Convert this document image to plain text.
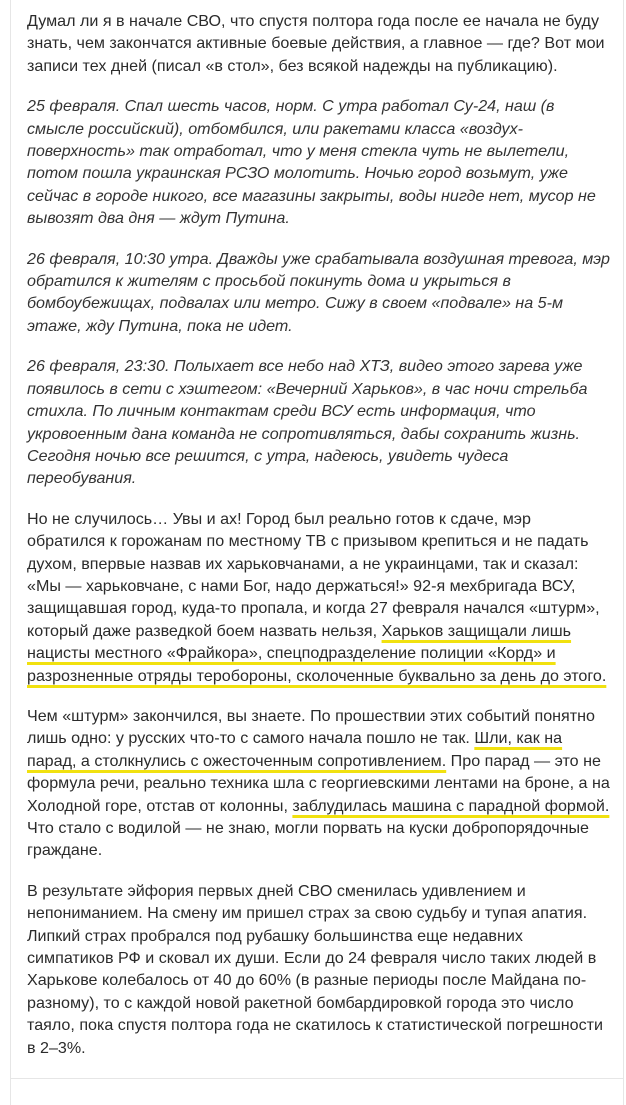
Думал ли я в начале СВО, что спустя полтора года после ее начала не буду знать, чем закончатся активные боевые действия, а главное — где? Вот мои записи тех дней (писал «в стол», без всякой надежды на публикацию).

25 февраля. Спал шесть часов, норм. С утра работал Су-24, наш (в смысле российский), отбомбился, или ракетами класса «воздух-поверхность» так отработал, что у меня стекла чуть не вылетели, потом пошла украинская РСЗО молотить. Ночью город возьмут, уже сейчас в городе никого, все магазины закрыты, воды нигде нет, мусор не вывозят два дня — ждут Путина.

26 февраля, 10:30 утра. Дважды уже срабатывала воздушная тревога, мэр обратился к жителям с просьбой покинуть дома и укрыться в бомбоубежищах, подвалах или метро. Сижу в своем «подвале» на 5-м этаже, жду Путина, пока не идет.

26 февраля, 23:30. Полыхает все небо над ХТЗ, видео этого зарева уже появилось в сети с хэштегом: «Вечерний Харьков», в час ночи стрельба стихла. По личным контактам среди ВСУ есть информация, что укровоенным дана команда не сопротивляться, дабы сохранить жизнь. Сегодня ночью все решится, с утра, надеюсь, увидеть чудеса переобувания.

Но не случилось… Увы и ах! Город был реально готов к сдаче, мэр обратился к горожанам по местному ТВ с призывом крепиться и не падать духом, впервые назвав их харьковчанами, а не украинцами, так и сказал: «Мы — харьковчане, с нами Бог, надо держаться!» 92-я мехбригада ВСУ, защищавшая город, куда-то пропала, и когда 27 февраля начался «штурм», который даже разведкой боем назвать нельзя, Харьков защищали лишь нацисты местного «Фрайкора», спецподразделение полиции «Корд» и разрозненные отряды теробороны, сколоченные буквально за день до этого.

Чем «штурм» закончился, вы знаете. По прошествии этих событий понятно лишь одно: у русских что-то с самого начала пошло не так. Шли, как на парад, а столкнулись с ожесточенным сопротивлением. Про парад — это не формула речи, реально техника шла с георгиевскими лентами на броне, а на Холодной горе, отстав от колонны, заблудилась машина с парадной формой. Что стало с водилой — не знаю, могли порвать на куски добропорядочные граждане.

В результате эйфория первых дней СВО сменилась удивлением и непониманием. На смену им пришел страх за свою судьбу и тупая апатия. Липкий страх пробрался под рубашку большинства еще недавних симпатиков РФ и сковал их души. Если до 24 февраля число таких людей в Харькове колебалось от 40 до 60% (в разные периоды после Майдана по-разному), то с каждой новой ракетной бомбардировкой города это число таяло, пока спустя полтора года не скатилось к статистической погрешности в 2–3%.
